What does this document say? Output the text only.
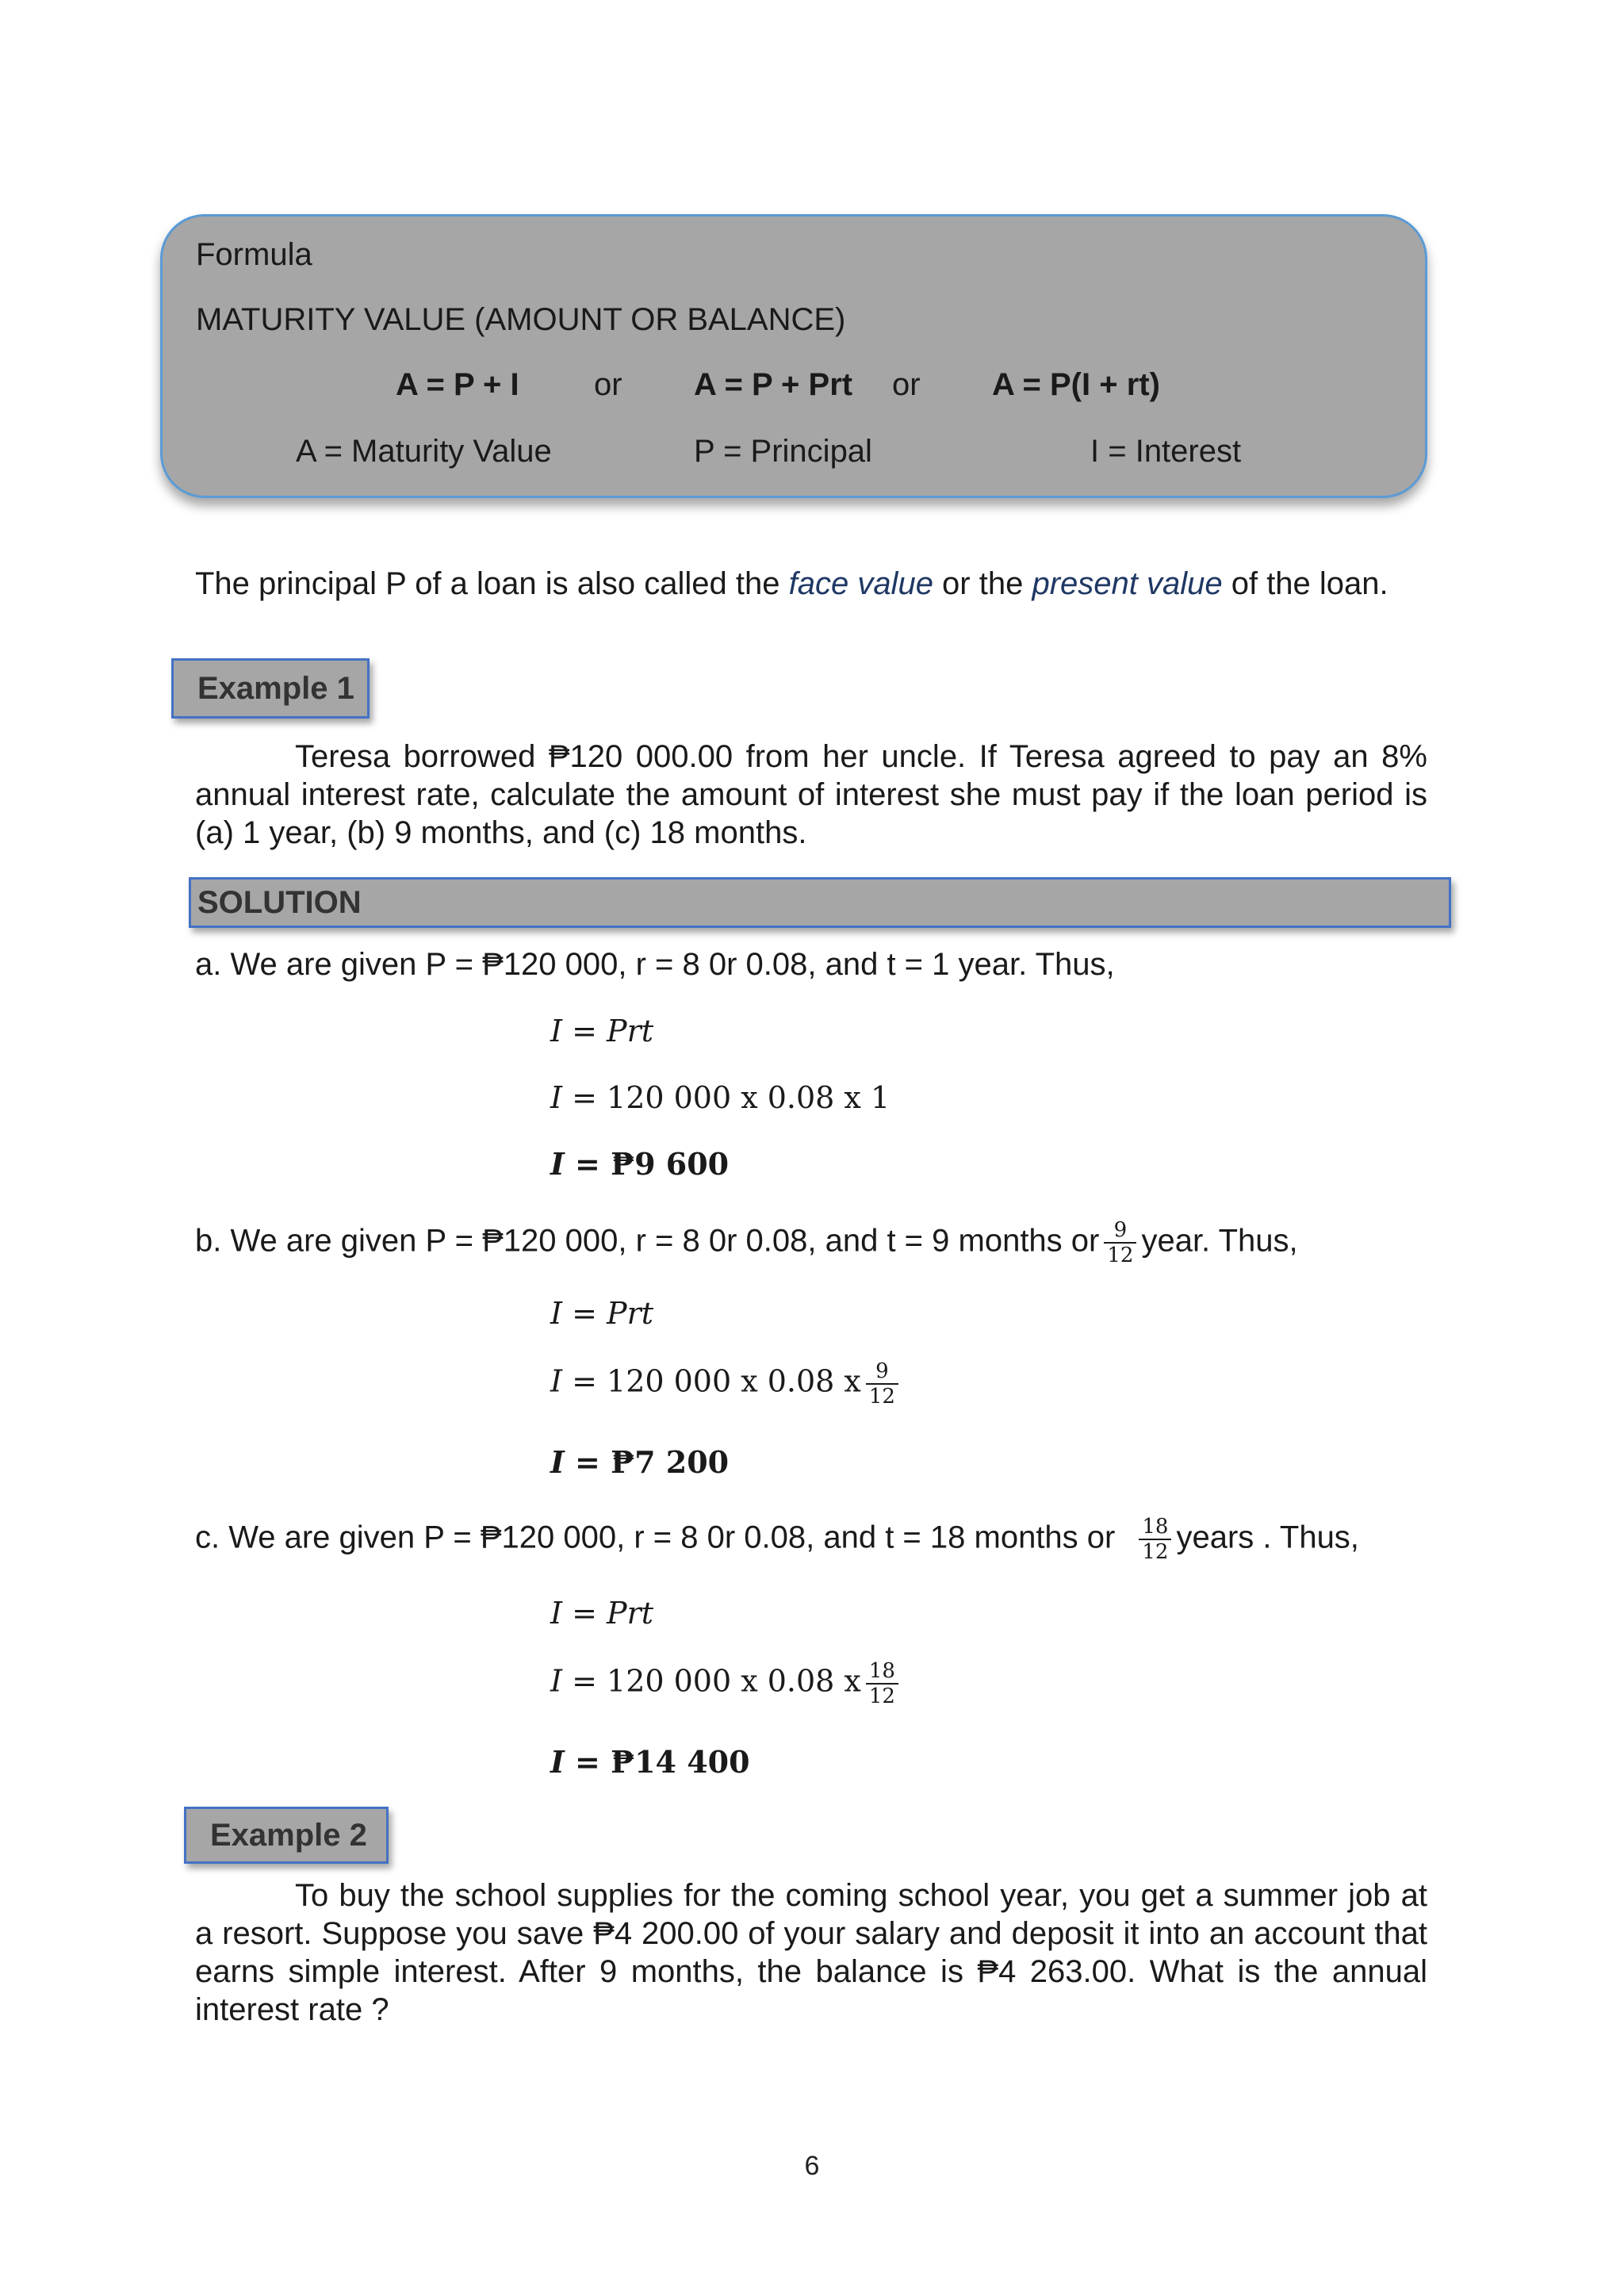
Formula
MATURITY VALUE (AMOUNT OR BALANCE)
A = P + I or A = P + Prt or A = P(I + rt)
A = Maturity Value	P = Principal	I = Interest
The principal P of a loan is also called the face value or the present value of the loan.
Example 1
Teresa borrowed ₱120 000.00 from her uncle. If Teresa agreed to pay an 8% annual interest rate, calculate the amount of interest she must pay if the loan period is (a) 1 year, (b) 9 months, and (c) 18 months.
SOLUTION
a. We are given P = ₱120 000, r = 8 0r 0.08, and t = 1 year. Thus,
I = Prt
I = 120 000 x 0.08 x 1
I = ₱9 600
b. We are given P = ₱120 000, r = 8 0r 0.08, and t = 9 months or $\frac{9}{12}$ year. Thus,
I = Prt
I = 120 000 x 0.08 x $\frac{9}{12}$
I = ₱7 200
c. We are given P = ₱120 000, r = 8 0r 0.08, and t = 18 months or $\frac{18}{12}$ years . Thus,
I = Prt
I = 120 000 x 0.08 x $\frac{18}{12}$
I = ₱14 400
Example 2
To buy the school supplies for the coming school year, you get a summer job at a resort. Suppose you save ₱4 200.00 of your salary and deposit it into an account that earns simple interest. After 9 months, the balance is ₱4 263.00. What is the annual interest rate ?
6
